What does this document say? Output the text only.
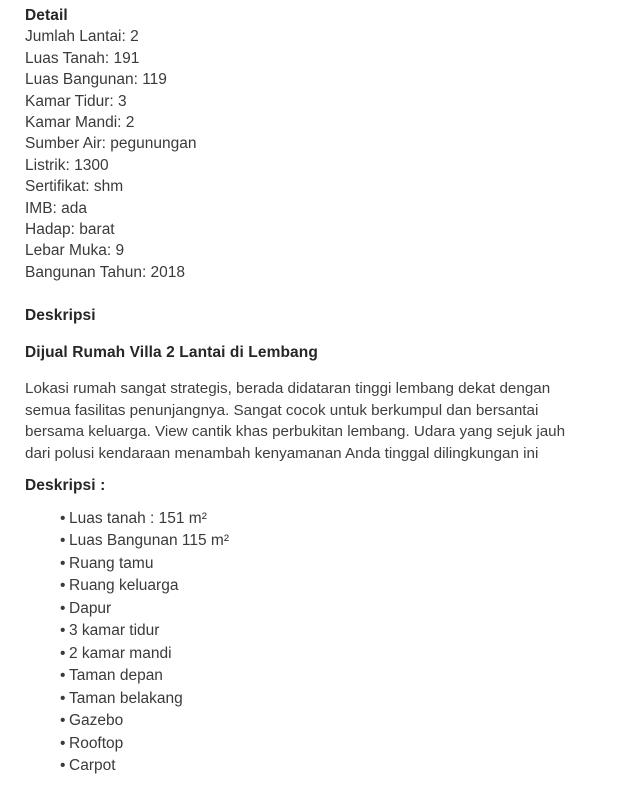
Detail
Jumlah Lantai: 2
Luas Tanah: 191
Luas Bangunan: 119
Kamar Tidur: 3
Kamar Mandi: 2
Sumber Air: pegunungan
Listrik: 1300
Sertifikat: shm
IMB: ada
Hadap: barat
Lebar Muka: 9
Bangunan Tahun: 2018
Deskripsi

Dijual Rumah Villa 2 Lantai di Lembang

Lokasi rumah sangat strategis, berada didataran tinggi lembang dekat dengan semua fasilitas penunjangnya. Sangat cocok untuk berkumpul dan bersantai bersama keluarga. View cantik khas perbukitan lembang. Udara yang sejuk jauh dari polusi kendaraan menambah kenyamanan Anda tinggal dilingkungan ini

Deskripsi :

• Luas tanah : 151 m²
• Luas Bangunan 115 m²
• Ruang tamu
• Ruang keluarga
• Dapur
• 3 kamar tidur
• 2 kamar mandi
• Taman depan
• Taman belakang
• Gazebo
• Rooftop
• Carpot
